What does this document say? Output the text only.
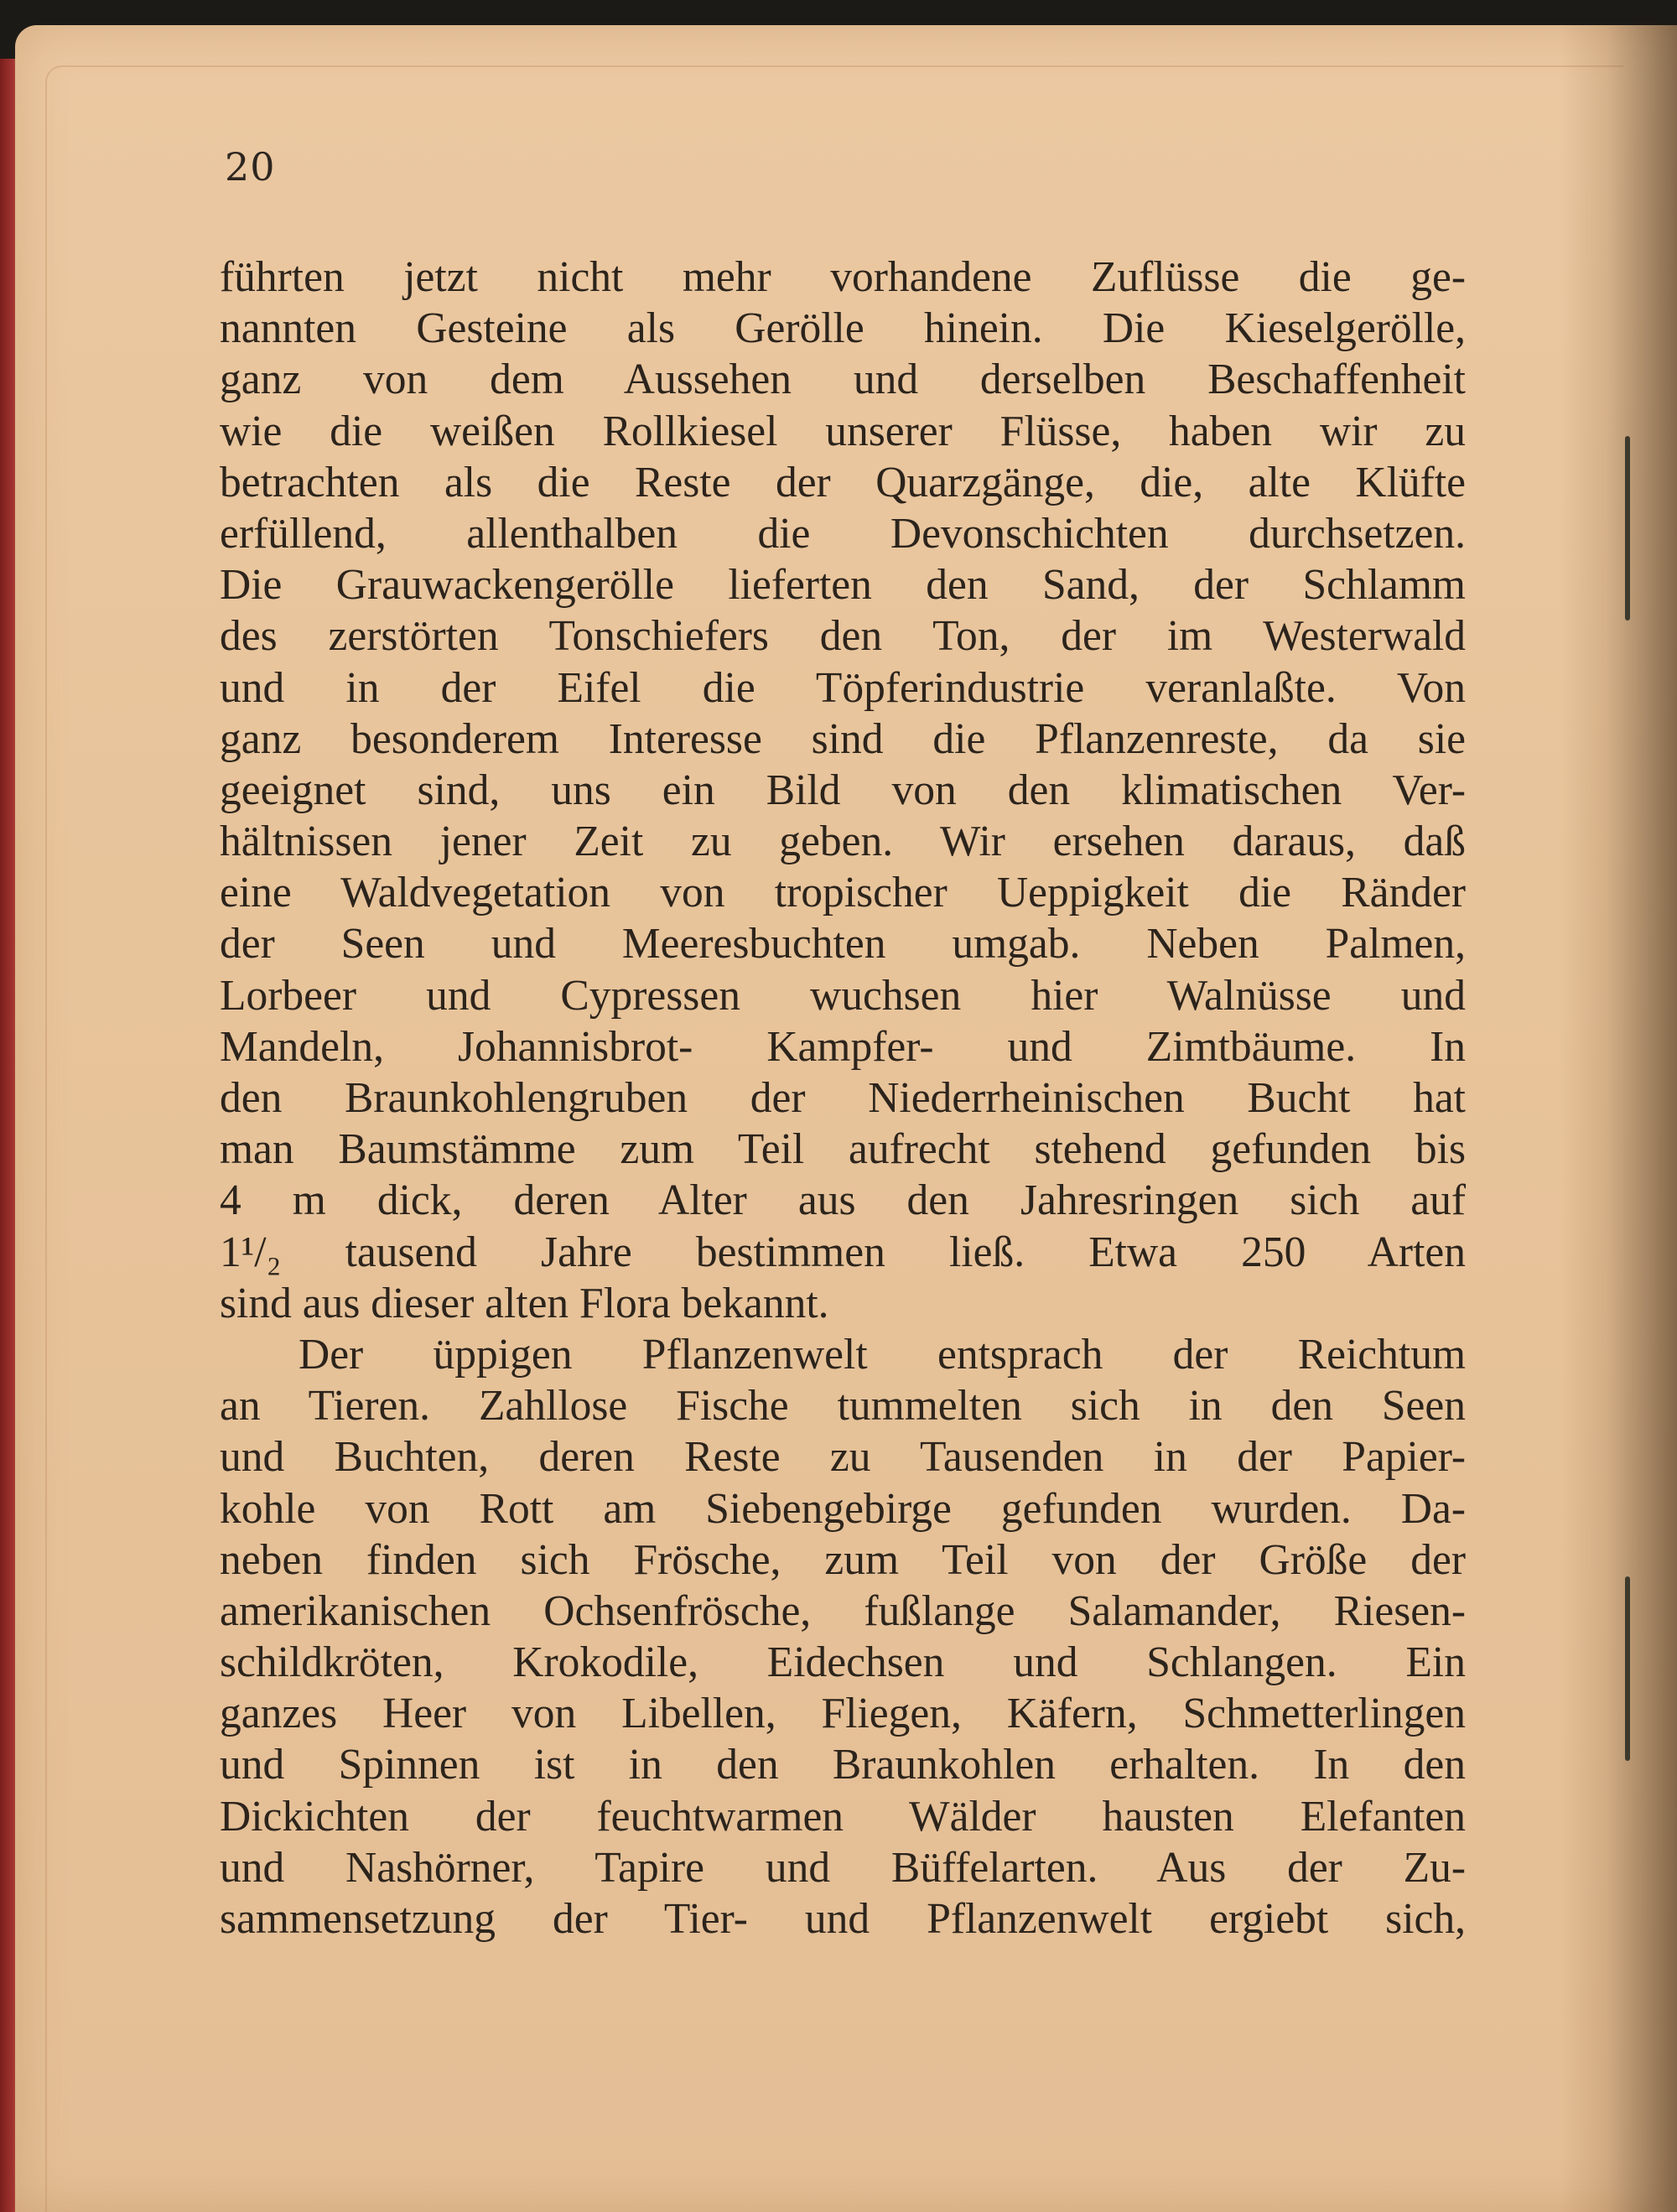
20
führten jetzt nicht mehr vorhandene Zuflüsse die ge-
nannten Gesteine als Gerölle hinein. Die Kieselgerölle,
ganz von dem Aussehen und derselben Beschaffenheit
wie die weißen Rollkiesel unserer Flüsse, haben wir zu
betrachten als die Reste der Quarzgänge, die, alte Klüfte
erfüllend, allenthalben die Devonschichten durchsetzen.
Die Grauwackengerölle lieferten den Sand, der Schlamm
des zerstörten Tonschiefers den Ton, der im Westerwald
und in der Eifel die Töpferindustrie veranlaßte. Von
ganz besonderem Interesse sind die Pflanzenreste, da sie
geeignet sind, uns ein Bild von den klimatischen Ver-
hältnissen jener Zeit zu geben. Wir ersehen daraus, daß
eine Waldvegetation von tropischer Ueppigkeit die Ränder
der Seen und Meeresbuchten umgab. Neben Palmen,
Lorbeer und Cypressen wuchsen hier Walnüsse und
Mandeln, Johannisbrot- Kampfer- und Zimtbäume. In
den Braunkohlengruben der Niederrheinischen Bucht hat
man Baumstämme zum Teil aufrecht stehend gefunden bis
4 m dick, deren Alter aus den Jahresringen sich auf
1¹/₂ tausend Jahre bestimmen ließ. Etwa 250 Arten
sind aus dieser alten Flora bekannt.
Der üppigen Pflanzenwelt entsprach der Reichtum
an Tieren. Zahllose Fische tummelten sich in den Seen
und Buchten, deren Reste zu Tausenden in der Papier-
kohle von Rott am Siebengebirge gefunden wurden. Da-
neben finden sich Frösche, zum Teil von der Größe der
amerikanischen Ochsenfrösche, fußlange Salamander, Riesen-
schildkröten, Krokodile, Eidechsen und Schlangen. Ein
ganzes Heer von Libellen, Fliegen, Käfern, Schmetterlingen
und Spinnen ist in den Braunkohlen erhalten. In den
Dickichten der feuchtwarmen Wälder hausten Elefanten
und Nashörner, Tapire und Büffelarten. Aus der Zu-
sammensetzung der Tier- und Pflanzenwelt ergiebt sich,
